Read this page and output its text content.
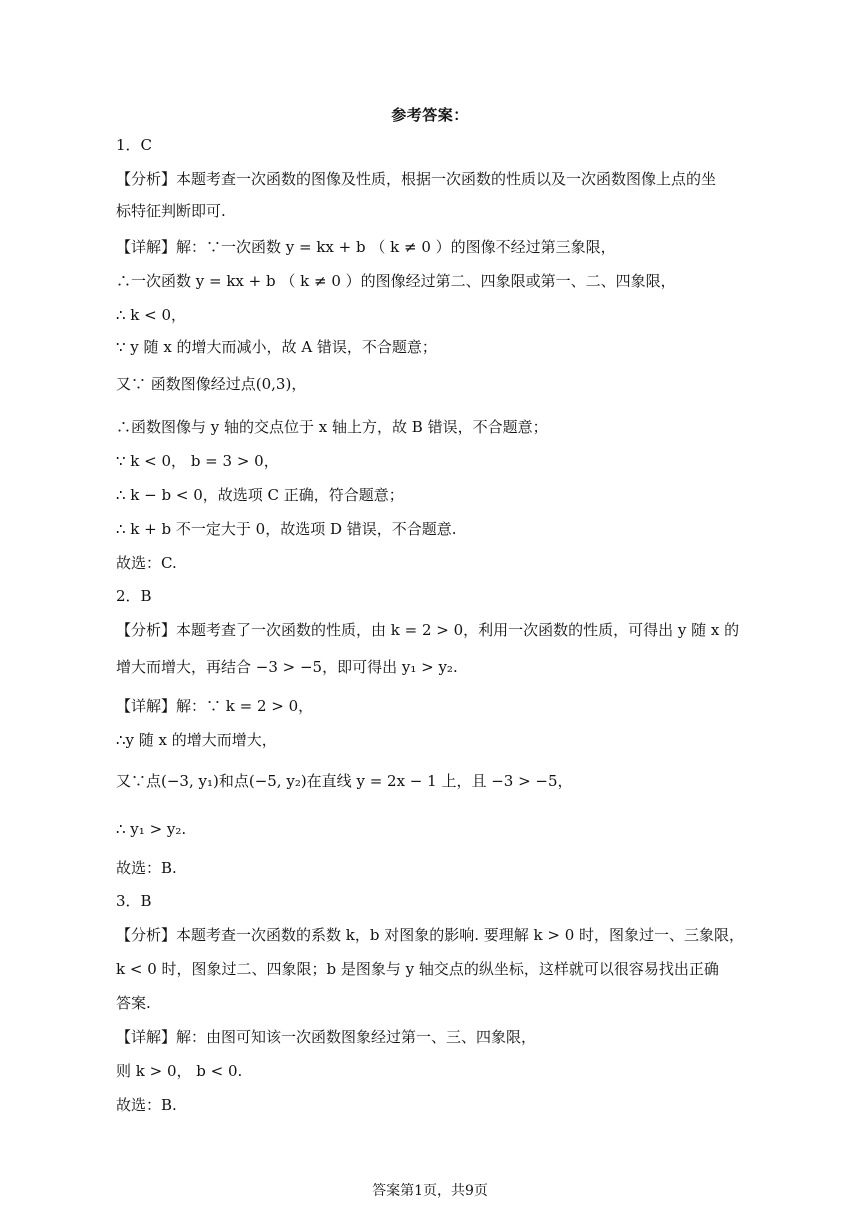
参考答案：
1．C
【分析】本题考查一次函数的图像及性质，根据一次函数的性质以及一次函数图像上点的坐
标特征判断即可.
【详解】解：∵一次函数 y = kx + b （ k ≠ 0 ）的图像不经过第三象限，
∴一次函数 y = kx + b （ k ≠ 0 ）的图像经过第二、四象限或第一、二、四象限，
∴ k < 0，
∵ y 随 x 的增大而减小，故 A 错误，不合题意；
又∵ 函数图像经过点(0,3)，
∴函数图像与 y 轴的交点位于 x 轴上方，故 B 错误，不合题意；
∵ k < 0， b = 3 > 0，
∴ k − b < 0，故选项 C 正确，符合题意；
∴ k + b 不一定大于 0，故选项 D 错误，不合题意.
故选：C.
2．B
【分析】本题考查了一次函数的性质，由 k = 2 > 0，利用一次函数的性质，可得出 y 随 x 的
增大而增大，再结合 −3 > −5，即可得出 y₁ > y₂.
【详解】解：∵ k = 2 > 0，
∴y 随 x 的增大而增大，
又∵点(−3, y₁)和点(−5, y₂)在直线 y = 2x − 1 上，且 −3 > −5，
∴ y₁ > y₂.
故选：B.
3．B
【分析】本题考查一次函数的系数 k，b 对图象的影响. 要理解 k > 0 时，图象过一、三象限，
k < 0 时，图象过二、四象限；b 是图象与 y 轴交点的纵坐标，这样就可以很容易找出正确
答案.
【详解】解：由图可知该一次函数图象经过第一、三、四象限，
则 k > 0， b < 0.
故选：B.
答案第1页，共9页
